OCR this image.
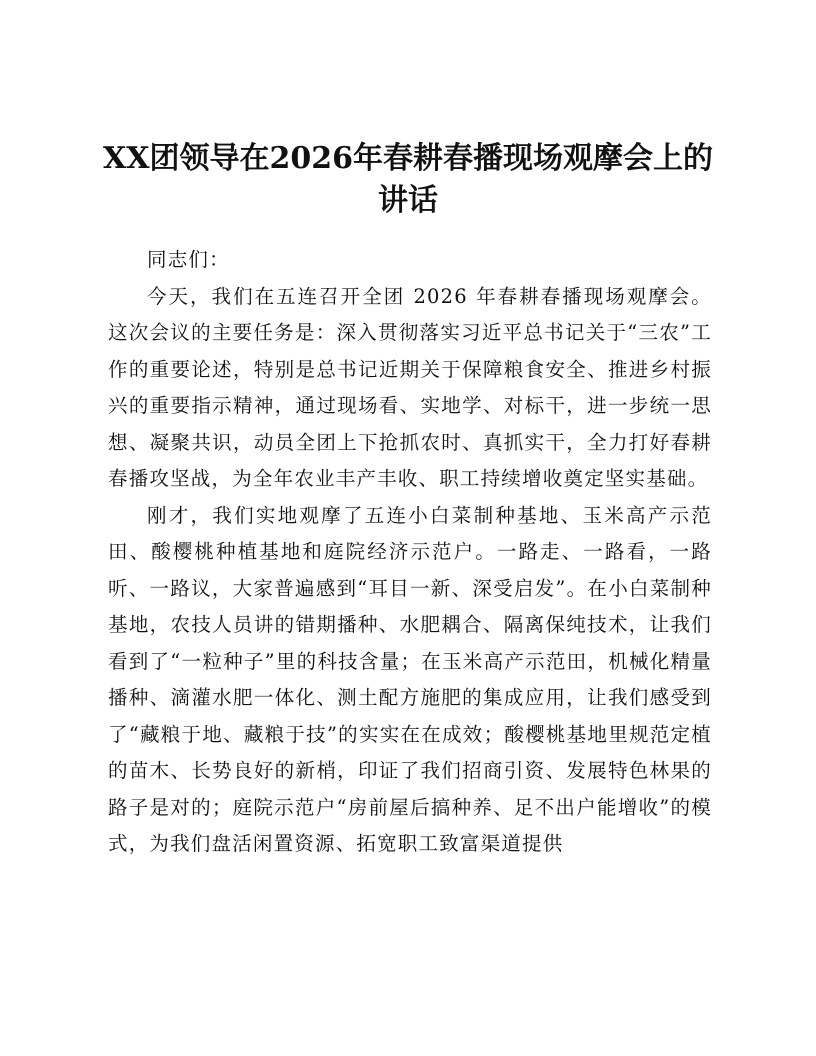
XX团领导在2026年春耕春播现场观摩会上的讲话

同志们：

今天，我们在五连召开全团 2026 年春耕春播现场观摩会。这次会议的主要任务是：深入贯彻落实习近平总书记关于“三农”工作的重要论述，特别是总书记近期关于保障粮食安全、推进乡村振兴的重要指示精神，通过现场看、实地学、对标干，进一步统一思想、凝聚共识，动员全团上下抢抓农时、真抓实干，全力打好春耕春播攻坚战，为全年农业丰产丰收、职工持续增收奠定坚实基础。

刚才，我们实地观摩了五连小白菜制种基地、玉米高产示范田、酸樱桃种植基地和庭院经济示范户。一路走、一路看，一路听、一路议，大家普遍感到“耳目一新、深受启发”。在小白菜制种基地，农技人员讲的错期播种、水肥耦合、隔离保纯技术，让我们看到了“一粒种子”里的科技含量；在玉米高产示范田，机械化精量播种、滴灌水肥一体化、测土配方施肥的集成应用，让我们感受到了“藏粮于地、藏粮于技”的实实在在成效；酸樱桃基地里规范定植的苗木、长势良好的新梢，印证了我们招商引资、发展特色林果的路子是对的；庭院示范户“房前屋后搞种养、足不出户能增收”的模式，为我们盘活闲置资源、拓宽职工致富渠道提供
